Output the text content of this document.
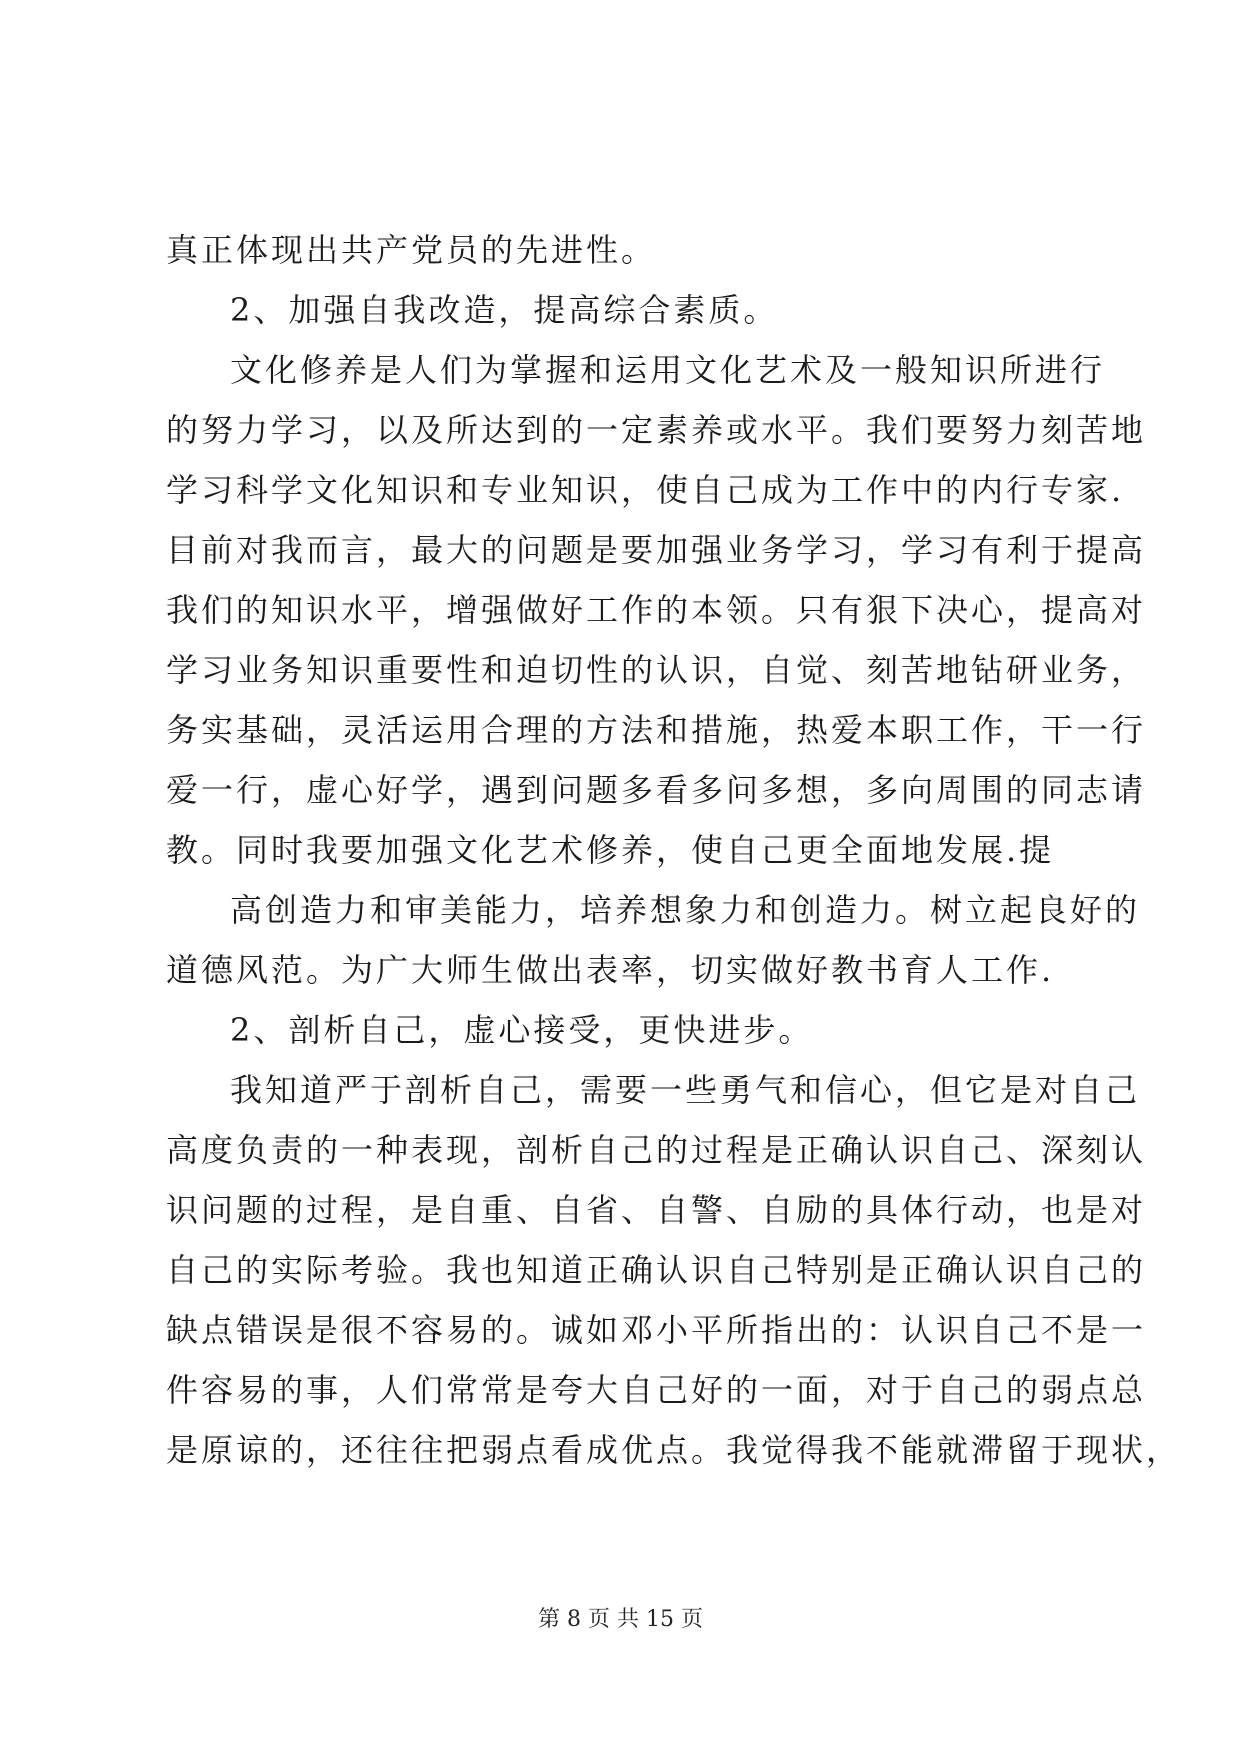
真正体现出共产党员的先进性。
2、加强自我改造，提高综合素质。
文化修养是人们为掌握和运用文化艺术及一般知识所进行
的努力学习，以及所达到的一定素养或水平。我们要努力刻苦地
学习科学文化知识和专业知识，使自己成为工作中的内行专家.
目前对我而言，最大的问题是要加强业务学习，学习有利于提高
我们的知识水平，增强做好工作的本领。只有狠下决心，提高对
学习业务知识重要性和迫切性的认识，自觉、刻苦地钻研业务，
务实基础，灵活运用合理的方法和措施，热爱本职工作，干一行
爱一行，虚心好学，遇到问题多看多问多想，多向周围的同志请
教。同时我要加强文化艺术修养，使自己更全面地发展.提
高创造力和审美能力，培养想象力和创造力。树立起良好的
道德风范。为广大师生做出表率，切实做好教书育人工作.
2、剖析自己，虚心接受，更快进步。
我知道严于剖析自己，需要一些勇气和信心，但它是对自己
高度负责的一种表现，剖析自己的过程是正确认识自己、深刻认
识问题的过程，是自重、自省、自警、自励的具体行动，也是对
自己的实际考验。我也知道正确认识自己特别是正确认识自己的
缺点错误是很不容易的。诚如邓小平所指出的：认识自己不是一
件容易的事，人们常常是夸大自己好的一面，对于自己的弱点总
是原谅的，还往往把弱点看成优点。我觉得我不能就滞留于现状，
第 8 页 共 15 页
